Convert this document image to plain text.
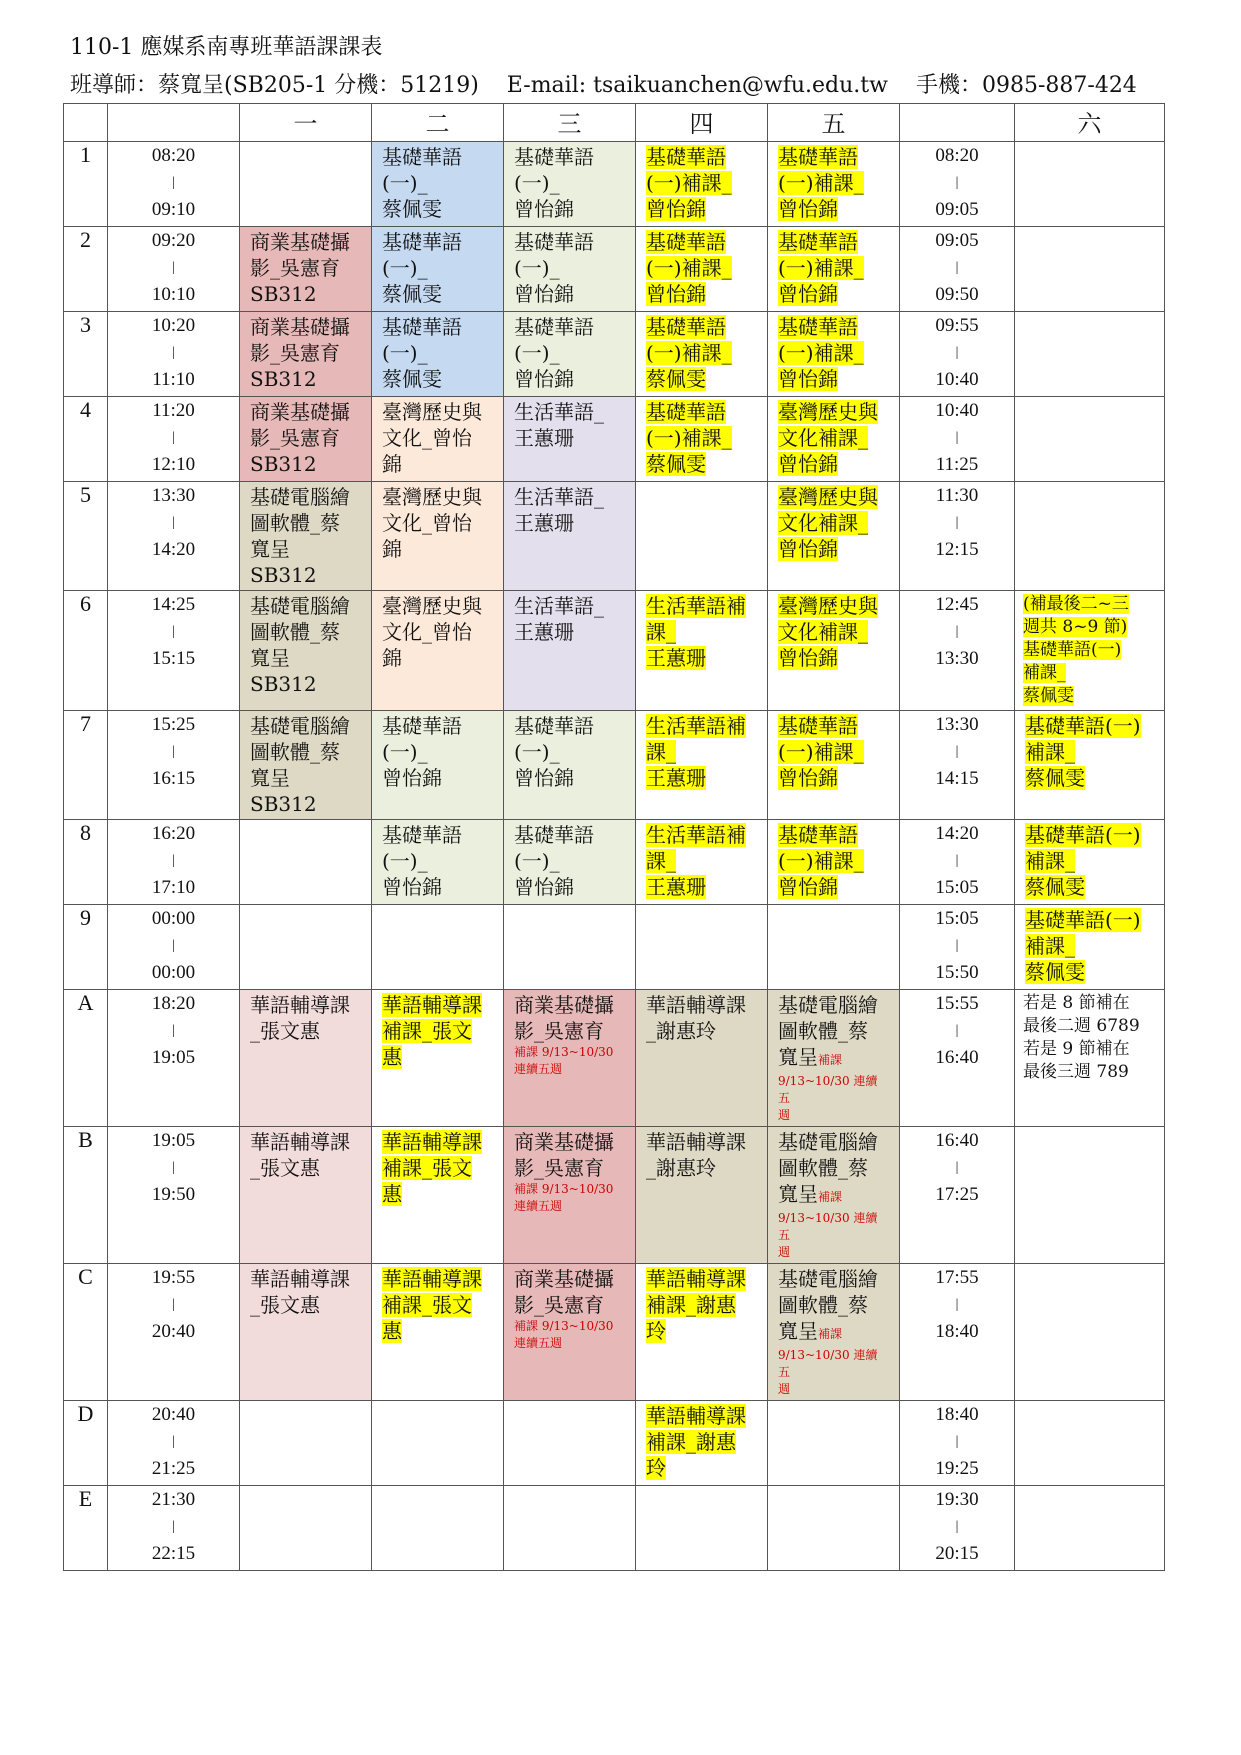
110-1 應媒系南專班華語課課表
班導師：蔡寬呈(SB205-1 分機：51219) E-mail: tsaikuanchen@wfu.edu.tw 手機：0985-887-424
		一	二	三	四	五		六
1	08:20
|
09:10		基礎華語
(一)_
蔡佩雯	基礎華語
(一)_
曾怡錦	基礎華語
(一)補課_
曾怡錦	基礎華語
(一)補課_
曾怡錦	08:20
|
09:05	

2	09:20
|
10:10	商業基礎攝
影_吳憲育
SB312	基礎華語
(一)_
蔡佩雯	基礎華語
(一)_
曾怡錦	基礎華語
(一)補課_
曾怡錦	基礎華語
(一)補課_
曾怡錦	09:05
|
09:50	

3	10:20
|
11:10	商業基礎攝
影_吳憲育
SB312	基礎華語
(一)_
蔡佩雯	基礎華語
(一)_
曾怡錦	基礎華語
(一)補課_
蔡佩雯	基礎華語
(一)補課_
曾怡錦	09:55
|
10:40	

4	11:20
|
12:10	商業基礎攝
影_吳憲育
SB312	臺灣歷史與
文化_曾怡
錦	生活華語_
王蕙珊	基礎華語
(一)補課_
蔡佩雯	臺灣歷史與
文化補課_
曾怡錦	10:40
|
11:25	

5	13:30
|
14:20	基礎電腦繪
圖軟體_蔡
寬呈 SB312	臺灣歷史與
文化_曾怡
錦	生活華語_
王蕙珊		臺灣歷史與
文化補課_
曾怡錦	11:30
|
12:15	

6	14:25
|
15:15	基礎電腦繪
圖軟體_蔡
寬呈 SB312	臺灣歷史與
文化_曾怡
錦	生活華語_
王蕙珊	生活華語補
課_
王蕙珊	臺灣歷史與
文化補課_
曾怡錦	12:45
|
13:30	(補最後二~三
週共 8~9 節)
基礎華語(一)
補課_
蔡佩雯

7	15:25
|
16:15	基礎電腦繪
圖軟體_蔡
寬呈 SB312	基礎華語
(一)_
曾怡錦	基礎華語
(一)_
曾怡錦	生活華語補
課_
王蕙珊	基礎華語
(一)補課_
曾怡錦	13:30
|
14:15	基礎華語(一)
補課_
蔡佩雯

8	16:20
|
17:10		基礎華語
(一)_
曾怡錦	基礎華語
(一)_
曾怡錦	生活華語補
課_
王蕙珊	基礎華語
(一)補課_
曾怡錦	14:20
|
15:05	基礎華語(一)
補課_
蔡佩雯

9	00:00
|
00:00						15:05
|
15:50	基礎華語(一)
補課_
蔡佩雯

A	18:20
|
19:05	華語輔導課
_張文惠	華語輔導課
補課_張文
惠	商業基礎攝
影_吳憲育
補課 9/13~10/30
連續五週	華語輔導課
_謝惠玲	基礎電腦繪
圖軟體_蔡
寬呈補課
9/13~10/30 連續五
週	15:55
|
16:40	若是 8 節補在
最後二週 6789
若是 9 節補在
最後三週 789

B	19:05
|
19:50	華語輔導課
_張文惠	華語輔導課
補課_張文
惠	商業基礎攝
影_吳憲育
補課 9/13~10/30
連續五週	華語輔導課
_謝惠玲	基礎電腦繪
圖軟體_蔡
寬呈補課
9/13~10/30 連續五
週	16:40
|
17:25	

C	19:55
|
20:40	華語輔導課
_張文惠	華語輔導課
補課_張文
惠	商業基礎攝
影_吳憲育
補課 9/13~10/30
連續五週	華語輔導課
補課_謝惠
玲	基礎電腦繪
圖軟體_蔡
寬呈補課
9/13~10/30 連續五
週	17:55
|
18:40	

D	20:40
|
21:25				華語輔導課
補課_謝惠
玲		18:40
|
19:25	

E	21:30
|
22:15						19:30
|
20:15	
